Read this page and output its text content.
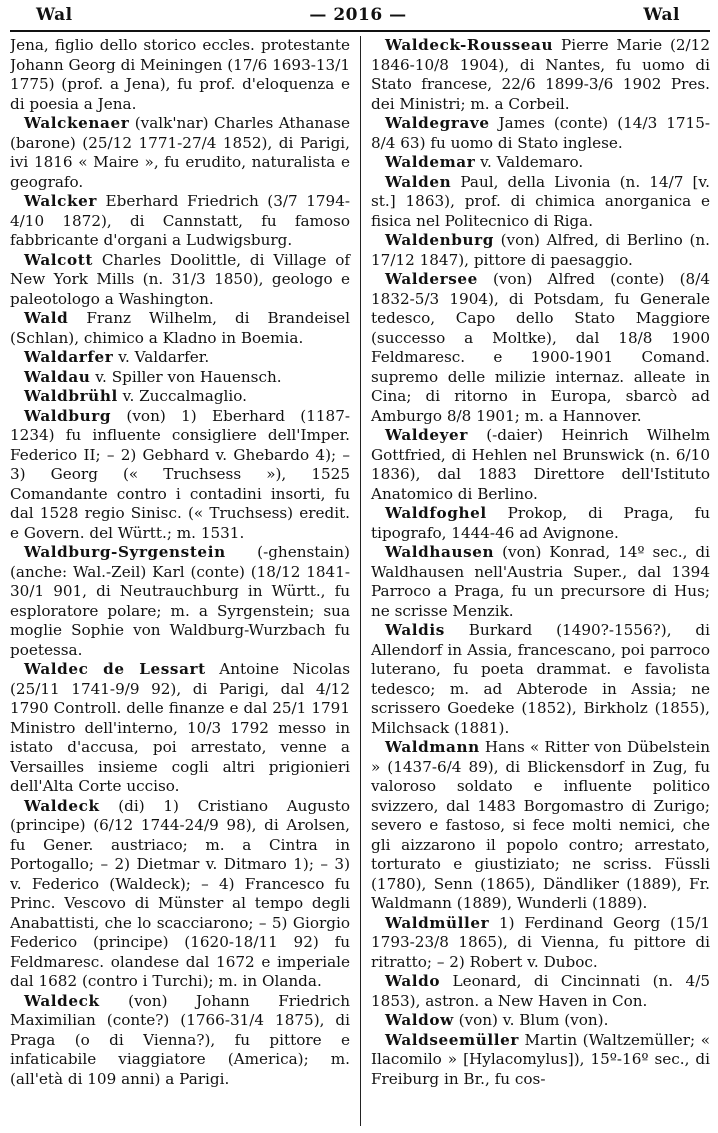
Wal	— 2016 —	Wal

Jena, figlio dello storico eccles. protestante Johann Georg di Meiningen (17/6 1693-13/1 1775) (prof. a Jena), fu prof. d'eloquenza e di poesia a Jena.

Walckenaer (valk'nar) Charles Athanase (barone) (25/12 1771-27/4 1852), di Parigi, ivi 1816 « Maire », fu erudito, naturalista e geografo.

Walcker Eberhard Friedrich (3/7 1794-4/10 1872), di Cannstatt, fu famoso fabbricante d'organi a Ludwigsburg.

Walcott Charles Doolittle, di Village of New York Mills (n. 31/3 1850), geologo e paleotologo a Washington.

Wald Franz Wilhelm, di Brandeisel (Schlan), chimico a Kladno in Boemia.

Waldarfer v. Valdarfer.

Waldau v. Spiller von Hauensch.

Waldbrühl v. Zuccalmaglio.

Waldburg (von) 1) Eberhard (1187-1234) fu influente consigliere dell'Imper. Federico II; – 2) Gebhard v. Ghebardo 4); – 3) Georg (« Truchsess »), 1525 Comandante contro i contadini insorti, fu dal 1528 regio Sinisc. (« Truchsess) eredit. e Govern. del Württ.; m. 1531.

Waldburg-Syrgenstein (-ghenstain) (anche: Wal.-Zeil) Karl (conte) (18/12 1841-30/1 901, di Neutrauchburg in Württ., fu esploratore polare; m. a Syrgenstein; sua moglie Sophie von Waldburg-Wurzbach fu poetessa.

Waldec de Lessart Antoine Nicolas (25/11 1741-9/9 92), di Parigi, dal 4/12 1790 Controll. delle finanze e dal 25/1 1791 Ministro dell'interno, 10/3 1792 messo in istato d'accusa, poi arrestato, venne a Versailles insieme cogli altri prigionieri dell'Alta Corte ucciso.

Waldeck (di) 1) Cristiano Augusto (principe) (6/12 1744-24/9 98), di Arolsen, fu Gener. austriaco; m. a Cintra in Portogallo; – 2) Dietmar v. Ditmaro 1); – 3) v. Federico (Waldeck); – 4) Francesco fu Princ. Vescovo di Münster al tempo degli Anabattisti, che lo scacciarono; – 5) Giorgio Federico (principe) (1620-18/11 92) fu Feldmaresc. olandese dal 1672 e imperiale dal 1682 (contro i Turchi); m. in Olanda.

Waldeck (von) Johann Friedrich Maximilian (conte?) (1766-31/4 1875), di Praga (o di Vienna?), fu pittore e infaticabile viaggiatore (America); m. (all'età di 109 anni) a Parigi.

Waldeck-Rousseau Pierre Marie (2/12 1846-10/8 1904), di Nantes, fu uomo di Stato francese, 22/6 1899-3/6 1902 Pres. dei Ministri; m. a Corbeil.

Waldegrave James (conte) (14/3 1715-8/4 63) fu uomo di Stato inglese.

Waldemar v. Valdemaro.

Walden Paul, della Livonia (n. 14/7 [v. st.] 1863), prof. di chimica anorganica e fisica nel Politecnico di Riga.

Waldenburg (von) Alfred, di Berlino (n. 17/12 1847), pittore di paesaggio.

Waldersee (von) Alfred (conte) (8/4 1832-5/3 1904), di Potsdam, fu Generale tedesco, Capo dello Stato Maggiore (successo a Moltke), dal 18/8 1900 Feldmaresc. e 1900-1901 Comand. supremo delle milizie internaz. alleate in Cina; di ritorno in Europa, sbarcò ad Amburgo 8/8 1901; m. a Hannover.

Waldeyer (-daier) Heinrich Wilhelm Gottfried, di Hehlen nel Brunswick (n. 6/10 1836), dal 1883 Direttore dell'Istituto Anatomico di Berlino.

Waldfoghel Prokop, di Praga, fu tipografo, 1444-46 ad Avignone.

Waldhausen (von) Konrad, 14º sec., di Waldhausen nell'Austria Super., dal 1394 Parroco a Praga, fu un precursore di Hus; ne scrisse Menzik.

Waldis Burkard (1490?-1556?), di Allendorf in Assia, francescano, poi parroco luterano, fu poeta drammat. e favolista tedesco; m. ad Abterode in Assia; ne scrissero Goedeke (1852), Birkholz (1855), Milchsack (1881).

Waldmann Hans « Ritter von Dübelstein » (1437-6/4 89), di Blickensdorf in Zug, fu valoroso soldato e influente politico svizzero, dal 1483 Borgomastro di Zurigo; severo e fastoso, si fece molti nemici, che gli aizzarono il popolo contro; arrestato, torturato e giustiziato; ne scriss. Füssli (1780), Senn (1865), Dändliker (1889), Fr. Waldmann (1889), Wunderli (1889).

Waldmüller 1) Ferdinand Georg (15/1 1793-23/8 1865), di Vienna, fu pittore di ritratto; – 2) Robert v. Duboc.

Waldo Leonard, di Cincinnati (n. 4/5 1853), astron. a New Haven in Con.

Waldow (von) v. Blum (von).

Waldseemüller Martin (Waltzemüller; « Ilacomilo » [Hylacomylus]), 15º-16º sec., di Freiburg in Br., fu cos-
